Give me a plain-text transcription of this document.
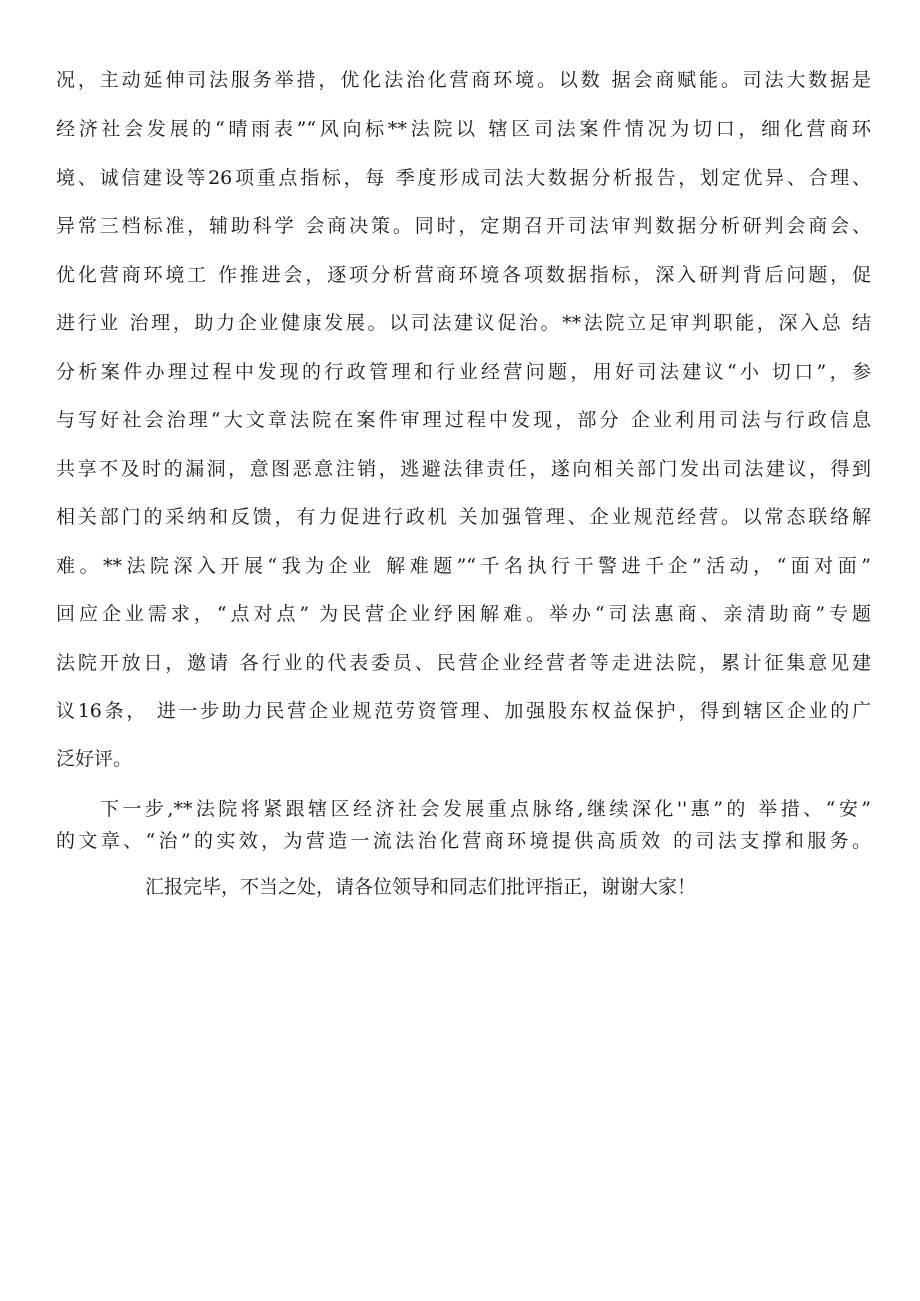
况，主动延伸司法服务举措，优化法治化营商环境。以数 据会商赋能。司法大数据是
经济社会发展的“晴雨表”“风向标**法院以 辖区司法案件情况为切口，细化营商环
境、诚信建设等26项重点指标，每 季度形成司法大数据分析报告，划定优异、合理、
异常三档标准，辅助科学 会商决策。同时，定期召开司法审判数据分析研判会商会、
优化营商环境工 作推进会，逐项分析营商环境各项数据指标，深入研判背后问题，促
进行业 治理，助力企业健康发展。以司法建议促治。**法院立足审判职能，深入总 结
分析案件办理过程中发现的行政管理和行业经营问题，用好司法建议“小 切口”，参
与写好社会治理“大文章法院在案件审理过程中发现，部分 企业利用司法与行政信息
共享不及时的漏洞，意图恶意注销，逃避法律责任，遂向相关部门发出司法建议，得到
相关部门的采纳和反馈，有力促进行政机 关加强管理、企业规范经营。以常态联络解
难。**法院深入开展“我为企业 解难题”“千名执行干警进千企”活动，“面对面”
回应企业需求，“点对点” 为民营企业纾困解难。举办“司法惠商、亲清助商”专题
法院开放日，邀请 各行业的代表委员、民营企业经营者等走进法院，累计征集意见建
议16条， 进一步助力民营企业规范劳资管理、加强股东权益保护，得到辖区企业的广
泛好评。
下一步,**法院将紧跟辖区经济社会发展重点脉络,继续深化''惠”的 举措、“安”
的文章、“治”的实效，为营造一流法治化营商环境提供高质效 的司法支撑和服务。
汇报完毕，不当之处，请各位领导和同志们批评指正，谢谢大家！
